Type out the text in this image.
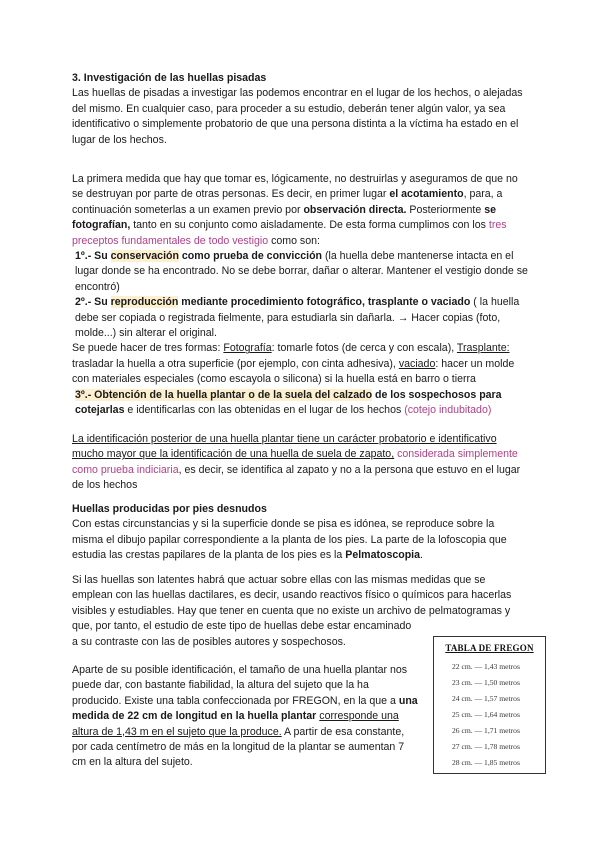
3. Investigación de las huellas pisadas

Las huellas de pisadas a investigar las podemos encontrar en el lugar de los hechos, o alejadas del mismo. En cualquier caso, para proceder a su estudio, deberán tener algún valor, ya sea identificativo o simplemente probatorio de que una persona distinta a la víctima ha estado en el lugar de los hechos.

La primera medida que hay que tomar es, lógicamente, no destruirlas y aseguramos de que no se destruyan por parte de otras personas. Es decir, en primer lugar el acotamiento, para, a continuación someterlas a un examen previo por observación directa. Posteriormente se fotografían, tanto en su conjunto como aisladamente. De esta forma cumplimos con los tres preceptos fundamentales de todo vestigio como son:

1º.- Su conservación como prueba de convicción (la huella debe mantenerse intacta en el lugar donde se ha encontrado. No se debe borrar, dañar o alterar. Mantener el vestigio donde se encontró)

2º.- Su reproducción mediante procedimiento fotográfico, trasplante o vaciado ( la huella debe ser copiada o registrada fielmente, para estudiarla sin dañarla. → Hacer copias (foto, molde...) sin alterar el original.

Se puede hacer de tres formas: Fotografía: tomarle fotos (de cerca y con escala), Trasplante: trasladar la huella a otra superficie (por ejemplo, con cinta adhesiva), vaciado: hacer un molde con materiales especiales (como escayola o silicona) si la huella está en barro o tierra

3º.- Obtención de la huella plantar o de la suela del calzado de los sospechosos para cotejarlas e identificarlas con las obtenidas en el lugar de los hechos (cotejo indubitado)

La identificación posterior de una huella plantar tiene un carácter probatorio e identificativo mucho mayor que la identificación de una huella de suela de zapato, considerada simplemente como prueba indiciaria, es decir, se identifica al zapato y no a la persona que estuvo en el lugar de los hechos

Huellas producidas por pies desnudos

Con estas circunstancias y si la superficie donde se pisa es idónea, se reproduce sobre la misma el dibujo papilar correspondiente a la planta de los pies. La parte de la lofoscopia que estudia las crestas papilares de la planta de los pies es la Pelmatoscopia.

Si las huellas son latentes habrá que actuar sobre ellas con las mismas medidas que se
emplean con las huellas dactilares, es decir, usando reactivos físico o químicos para hacerlas
visibles y estudiables. Hay que tener en cuenta que no existe un archivo de pelmatogramas y
que, por tanto, el estudio de este tipo de huellas debe estar encaminado
a su contraste con las de posibles autores y sospechosos.

Aparte de su posible identificación, el tamaño de una huella plantar nos puede dar, con bastante fiabilidad, la altura del sujeto que la ha producido. Existe una tabla confeccionada por FREGON, en la que a una medida de 22 cm de longitud en la huella plantar corresponde una altura de 1,43 m en el sujeto que la produce. A partir de esa constante, por cada centímetro de más en la longitud de la plantar se aumentan 7 cm en la altura del sujeto.

TABLA DE FREGON
22 cm. — 1,43 metros
23 cm. — 1,50 metros
24 cm. — 1,57 metros
25 cm. — 1,64 metros
26 cm. — 1,71 metros
27 cm. — 1,78 metros
28 cm. — 1,85 metros
